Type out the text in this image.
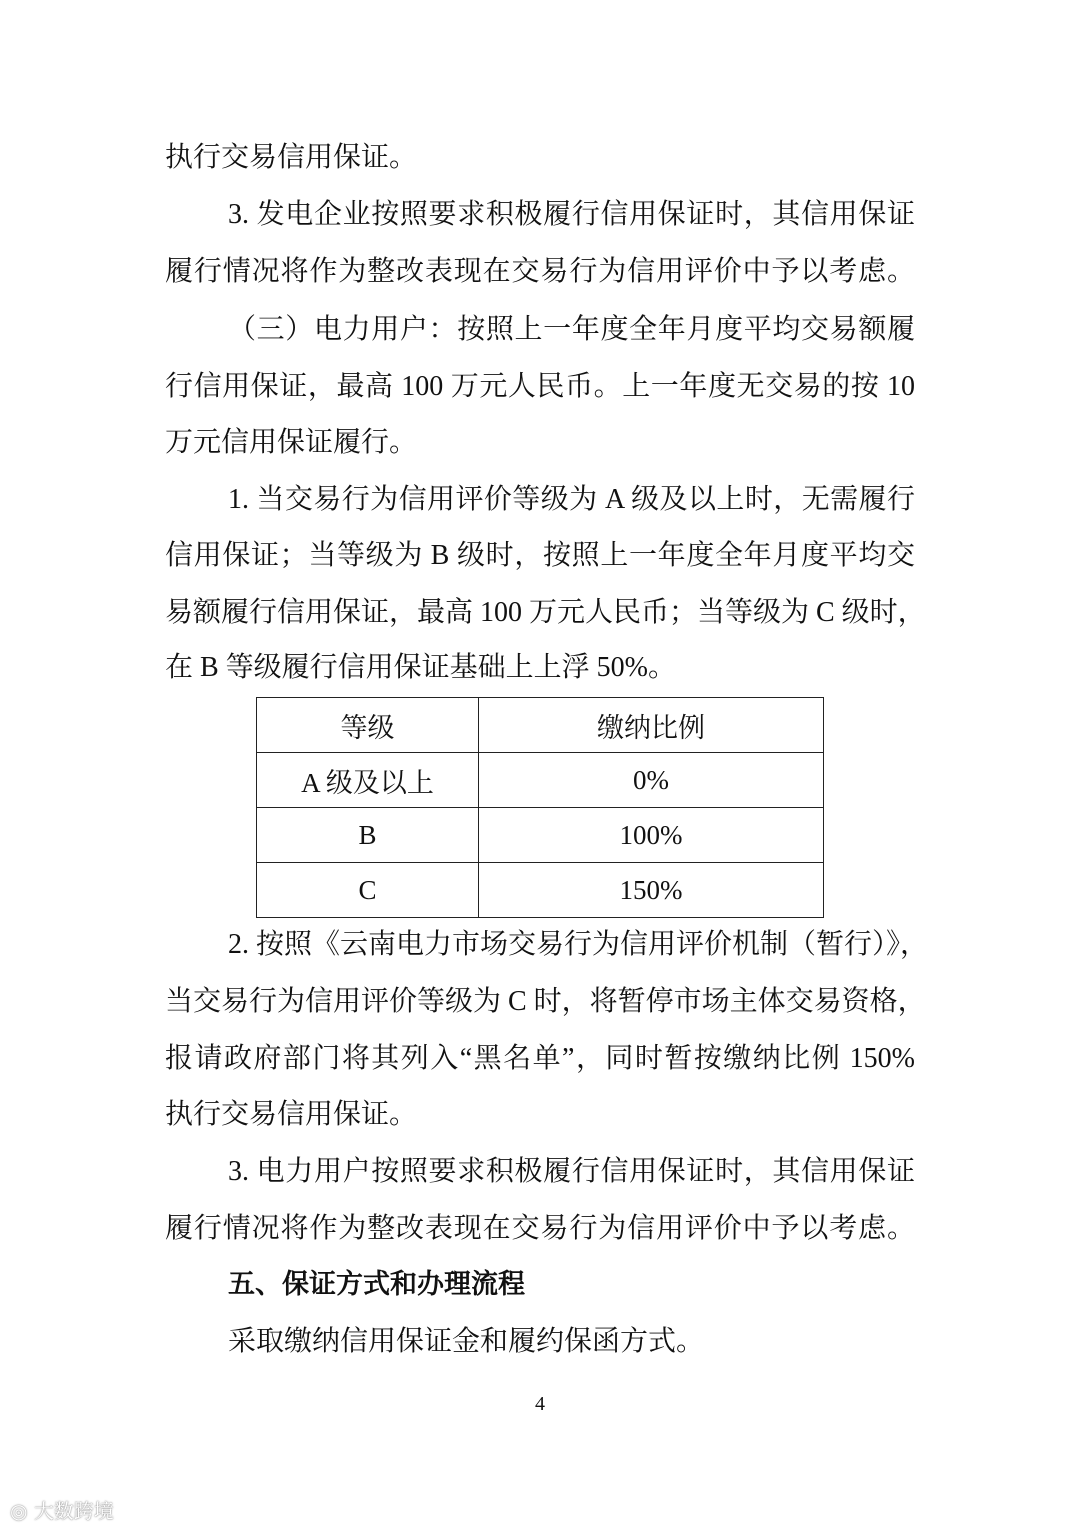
执行交易信用保证。
3. 发电企业按照要求积极履行信用保证时，其信用保证
履行情况将作为整改表现在交易行为信用评价中予以考虑。
（三）电力用户：按照上一年度全年月度平均交易额履
行信用保证，最高 100 万元人民币。上一年度无交易的按 10
万元信用保证履行。
1. 当交易行为信用评价等级为 A 级及以上时，无需履行
信用保证；当等级为 B 级时，按照上一年度全年月度平均交
易额履行信用保证，最高 100 万元人民币；当等级为 C 级时，
在 B 等级履行信用保证基础上上浮 50%。
等级	缴纳比例
A 级及以上	0%
B	100%
C	150%
2. 按照《云南电力市场交易行为信用评价机制（暂行）》，
当交易行为信用评价等级为 C 时，将暂停市场主体交易资格，
报请政府部门将其列入“黑名单”，同时暂按缴纳比例 150%
执行交易信用保证。
3. 电力用户按照要求积极履行信用保证时，其信用保证
履行情况将作为整改表现在交易行为信用评价中予以考虑。
五、保证方式和办理流程
采取缴纳信用保证金和履约保函方式。
4
◎ 大数跨境
